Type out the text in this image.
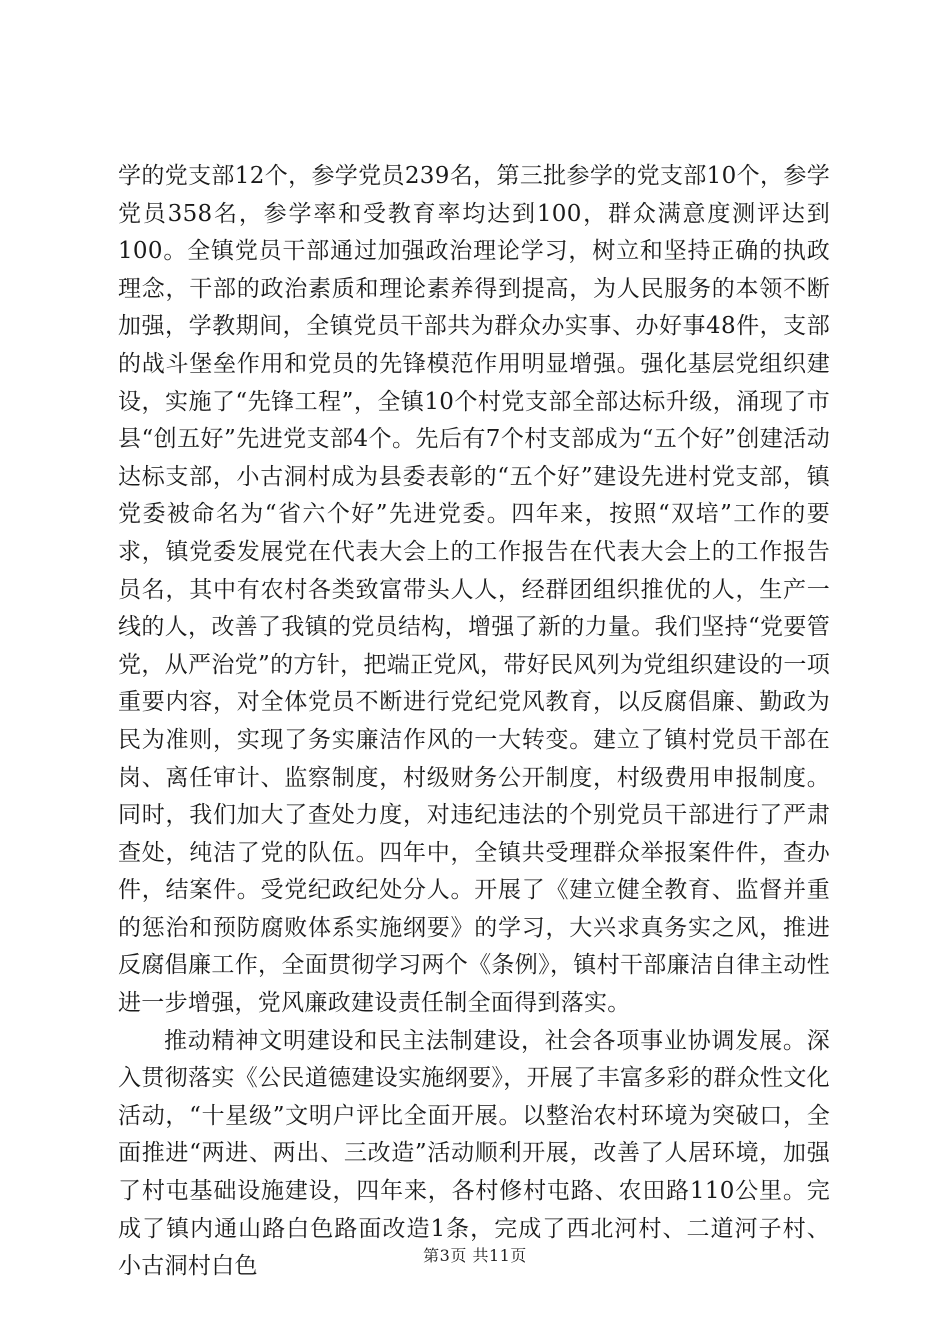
学的党支部12个，参学党员239名，第三批参学的党支部10个，参学党员358名，参学率和受教育率均达到100，群众满意度测评达到100。全镇党员干部通过加强政治理论学习，树立和坚持正确的执政理念，干部的政治素质和理论素养得到提高，为人民服务的本领不断加强，学教期间，全镇党员干部共为群众办实事、办好事48件，支部的战斗堡垒作用和党员的先锋模范作用明显增强。强化基层党组织建设，实施了“先锋工程”，全镇10个村党支部全部达标升级，涌现了市县“创五好”先进党支部4个。先后有7个村支部成为“五个好”创建活动达标支部，小古洞村成为县委表彰的“五个好”建设先进村党支部，镇党委被命名为“省六个好”先进党委。四年来，按照“双培”工作的要求，镇党委发展党在代表大会上的工作报告在代表大会上的工作报告员名，其中有农村各类致富带头人人，经群团组织推优的人，生产一线的人，改善了我镇的党员结构，增强了新的力量。我们坚持“党要管党，从严治党”的方针，把端正党风，带好民风列为党组织建设的一项重要内容，对全体党员不断进行党纪党风教育，以反腐倡廉、勤政为民为准则，实现了务实廉洁作风的一大转变。建立了镇村党员干部在岗、离任审计、监察制度，村级财务公开制度，村级费用申报制度。同时，我们加大了查处力度，对违纪违法的个别党员干部进行了严肃查处，纯洁了党的队伍。四年中，全镇共受理群众举报案件件，查办件，结案件。受党纪政纪处分人。开展了《建立健全教育、监督并重的惩治和预防腐败体系实施纲要》的学习，大兴求真务实之风，推进反腐倡廉工作，全面贯彻学习两个《条例》，镇村干部廉洁自律主动性进一步增强，党风廉政建设责任制全面得到落实。

推动精神文明建设和民主法制建设，社会各项事业协调发展。深入贯彻落实《公民道德建设实施纲要》，开展了丰富多彩的群众性文化活动，“十星级”文明户评比全面开展。以整治农村环境为突破口，全面推进“两进、两出、三改造”活动顺利开展，改善了人居环境，加强了村屯基础设施建设，四年来，各村修村屯路、农田路110公里。完成了镇内通山路白色路面改造1条，完成了西北河村、二道河子村、小古洞村白色	第3页 共11页
